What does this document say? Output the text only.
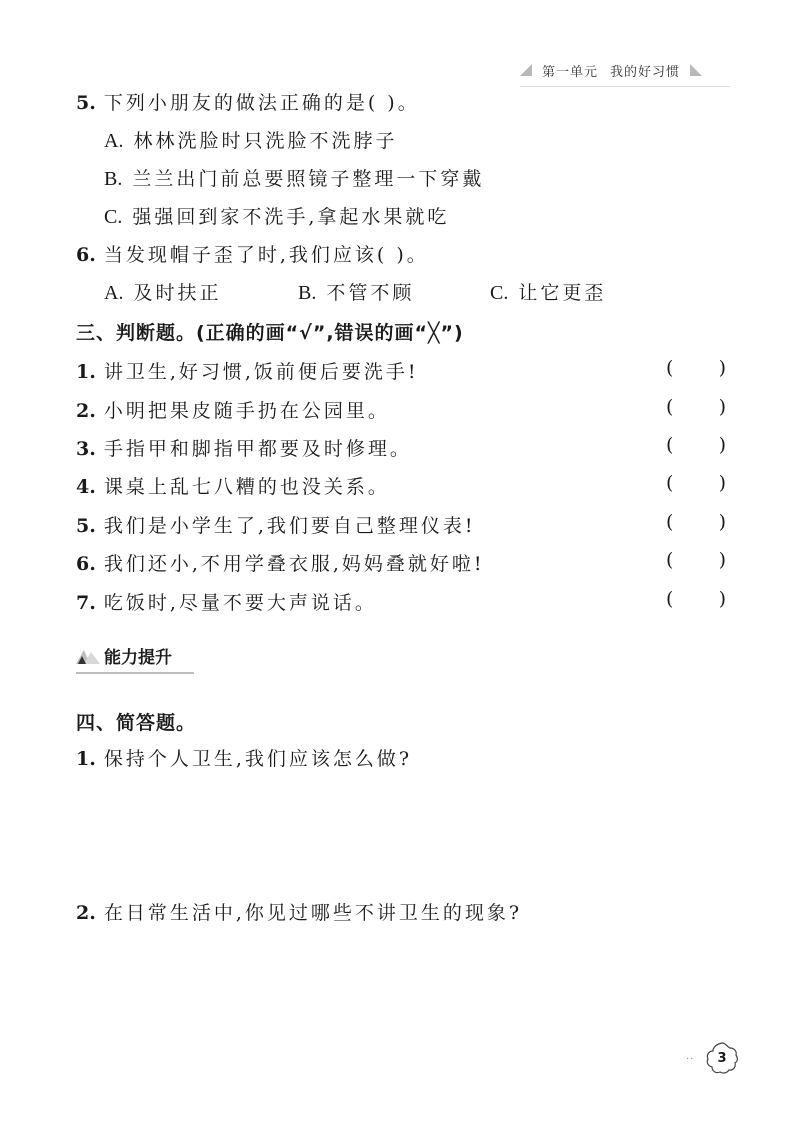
第一单元 我的好习惯
5. 下列小朋友的做法正确的是( )。
A. 林林洗脸时只洗脸不洗脖子
B. 兰兰出门前总要照镜子整理一下穿戴
C. 强强回到家不洗手,拿起水果就吃
6. 当发现帽子歪了时,我们应该( )。
A. 及时扶正	B. 不管不顾	C. 让它更歪
三、判断题。(正确的画“√”,错误的画“╳”)
1. 讲卫生,好习惯,饭前便后要洗手!	( )
2. 小明把果皮随手扔在公园里。	( )
3. 手指甲和脚指甲都要及时修理。	( )
4. 课桌上乱七八糟的也没关系。	( )
5. 我们是小学生了,我们要自己整理仪表!	( )
6. 我们还小,不用学叠衣服,妈妈叠就好啦!	( )
7. 吃饭时,尽量不要大声说话。	( )
能力提升
四、简答题。
1. 保持个人卫生,我们应该怎么做?
2. 在日常生活中,你见过哪些不讲卫生的现象?
··	3
